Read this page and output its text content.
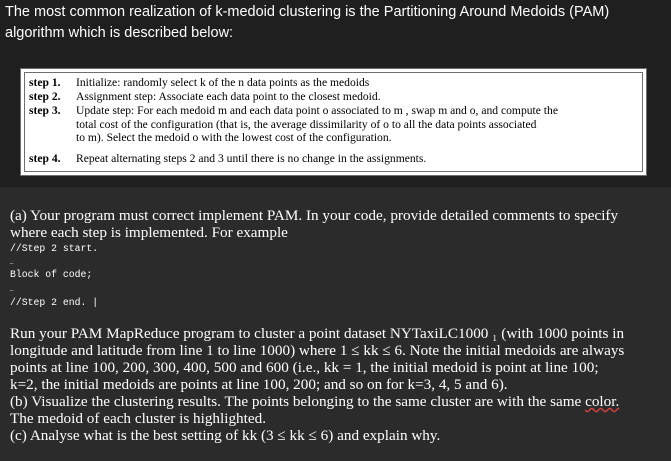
The most common realization of k-medoid clustering is the Partitioning Around Medoids (PAM)
algorithm which is described below:

step 1. Initialize: randomly select k of the n data points as the medoids
step 2. Assignment step: Associate each data point to the closest medoid.
step 3. Update step: For each medoid m and each data point o associated to m , swap m and o, and compute the
total cost of the configuration (that is, the average dissimilarity of o to all the data points associated
to m). Select the medoid o with the lowest cost of the configuration.
step 4. Repeat alternating steps 2 and 3 until there is no change in the assignments.

(a) Your program must correct implement PAM. In your code, provide detailed comments to specify
where each step is implemented. For example

//Step 2 start.

…

Block of code;

…

//Step 2 end. |

Run your PAM MapReduce program to cluster a point dataset NYTaxiLC1000 ₁ (with 1000 points in
longitude and latitude from line 1 to line 1000) where 1 ≤ kk ≤ 6. Note the initial medoids are always
points at line 100, 200, 300, 400, 500 and 600 (i.e., kk = 1, the initial medoid is point at line 100;
k=2, the initial medoids are points at line 100, 200; and so on for k=3, 4, 5 and 6).
(b) Visualize the clustering results. The points belonging to the same cluster are with the same color.
The medoid of each cluster is highlighted.
(c) Analyse what is the best setting of kk (3 ≤ kk ≤ 6) and explain why.
